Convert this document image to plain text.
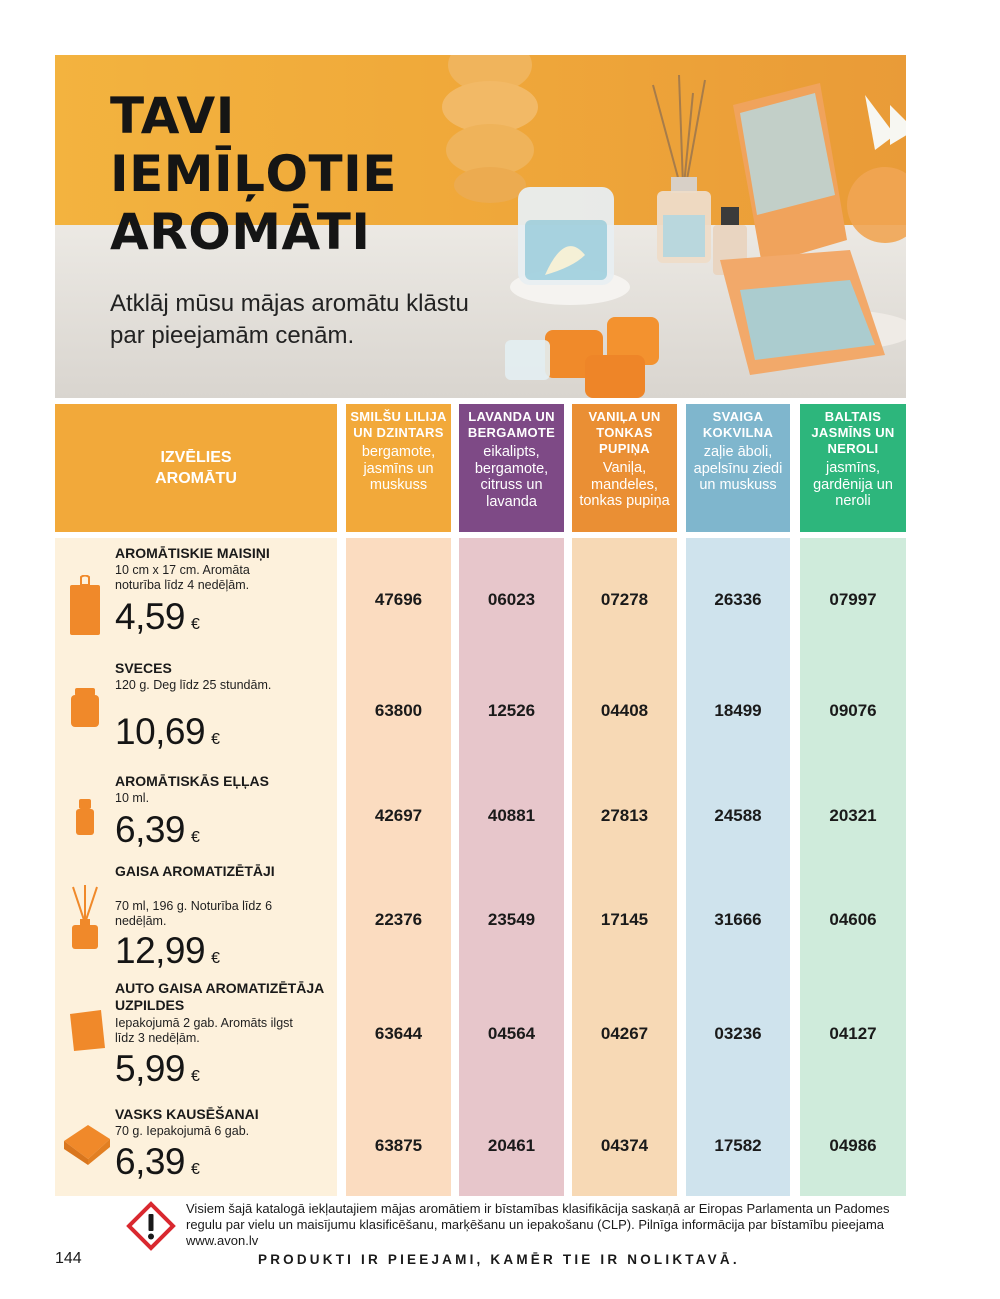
TAVI
IEMĪĻOTIE
AROMĀTI

Atklāj mūsu mājas aromātu klāstu par pieejamām cenām.

IZVĒLIES AROMĀTU
SMILŠU LILIJA UN DZINTARS
bergamote, jasmīns un muskuss
LAVANDA UN BERGAMOTE
eikalipts, bergamote, citruss un lavanda
VANIĻA UN TONKAS PUPIŅA
Vaniļa, mandeles, tonkas pupiņa
SVAIGA KOKVILNA
zaļie āboli, apelsīnu ziedi un muskuss
BALTAIS JASMĪNS UN NEROLI
jasmīns, gardēnija un neroli
AROMĀTISKIE MAISIŅI
10 cm x 17 cm. Aromāta noturība līdz 4 nedēļām.
4,59 €
SVECES
120 g. Deg līdz 25 stundām.
10,69 €
AROMĀTISKĀS EĻĻAS
10 ml.
6,39 €
GAISA AROMATIZĒTĀJI
70 ml, 196 g. Noturība līdz 6 nedēļām.
12,99 €
AUTO GAISA AROMATIZĒTĀJA UZPILDES
Iepakojumā 2 gab. Aromāts ilgst līdz 3 nedēļām.
5,99 €
VASKS KAUSĒŠANAI
70 g. Iepakojumā 6 gab.
6,39 €
47696
63800
42697
22376
63644
63875
06023
12526
40881
23549
04564
20461
07278
04408
27813
17145
04267
04374
26336
18499
24588
31666
03236
17582
07997
09076
20321
04606
04127
04986

Visiem šajā katalogā iekļautajiem mājas aromātiem ir bīstamības klasifikācija saskaņā ar Eiropas Parlamenta un Padomes regulu par vielu un maisījumu klasificēšanu, marķēšanu un iepakošanu (CLP). Pilnīga informācija par bīstamību pieejama www.avon.lv

144	PRODUKTI IR PIEEJAMI, KAMĒR TIE IR NOLIKTAVĀ.
